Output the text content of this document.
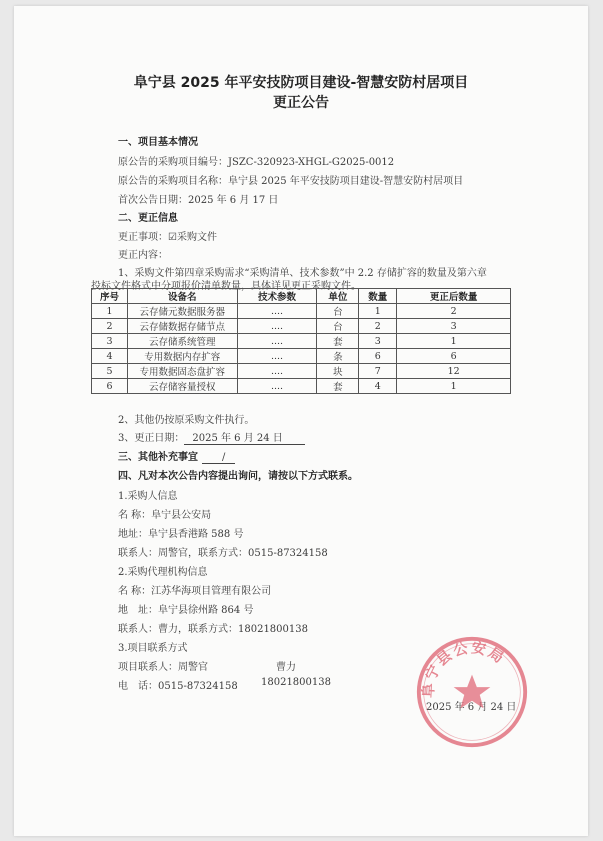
阜宁县 2025 年平安技防项目建设-智慧安防村居项目
更正公告
一、项目基本情况
原公告的采购项目编号：JSZC-320923-XHGL-G2025-0012
原公告的采购项目名称：阜宁县 2025 年平安技防项目建设-智慧安防村居项目
首次公告日期：2025 年 6 月 17 日
二、更正信息
更正事项：☑采购文件
更正内容：
1、采购文件第四章采购需求“采购清单、技术参数”中 2.2 存储扩容的数量及第六章
投标文件格式中分项报价清单数量，具体详见更正采购文件。
序号	设备名	技术参数	单位	数量	更正后数量
1	云存储元数据服务器	....	台	1	2
2	云存储数据存储节点	....	台	2	3
3	云存储系统管理	....	套	3	1
4	专用数据内存扩容	....	条	6	6
5	专用数据固态盘扩容	....	块	7	12
6	云存储容量授权	....	套	4	1
2、其他仍按原采购文件执行。
3、更正日期： 2025 年 6 月 24 日
三、其他补充事宜 /
四、凡对本次公告内容提出询问，请按以下方式联系。
1.采购人信息
名 称：阜宁县公安局
地址：阜宁县香港路 588 号
联系人：周警官，联系方式：0515-87324158
2.采购代理机构信息
名 称：江苏华海项目管理有限公司
地　址：阜宁县徐州路 864 号
联系人：曹力，联系方式：18021800138
3.项目联系方式
项目联系人：周警官	曹力
电　话：0515-87324158 18021800138
2025 年 6 月 24 日
阜宁县公安局
